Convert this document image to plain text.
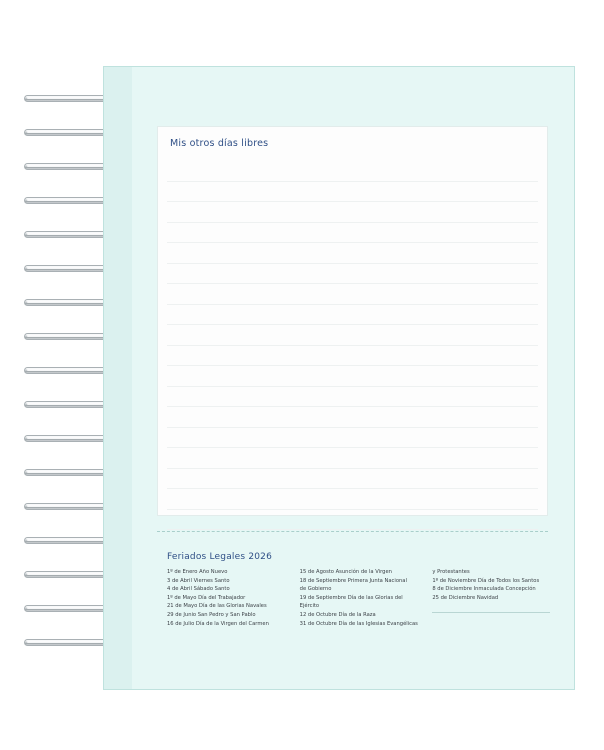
Mis otros días libres
Feriados Legales 2026
1º de Enero Año Nuevo
3 de Abril Viernes Santo
4 de Abril Sábado Santo
1º de Mayo Día del Trabajador
21 de Mayo Día de las Glorias Navales
29 de Junio San Pedro y San Pablo
16 de Julio Día de la Virgen del Carmen
15 de Agosto Asunción de la Virgen
18 de Septiembre Primera Junta Nacional
de Gobierno
19 de Septiembre Día de las Glorias del
Ejército
12 de Octubre Día de la Raza
31 de Octubre Día de las Iglesias Evangélicas
y Protestantes
1º de Noviembre Día de Todos los Santos
8 de Diciembre Inmaculada Concepción
25 de Diciembre Navidad
